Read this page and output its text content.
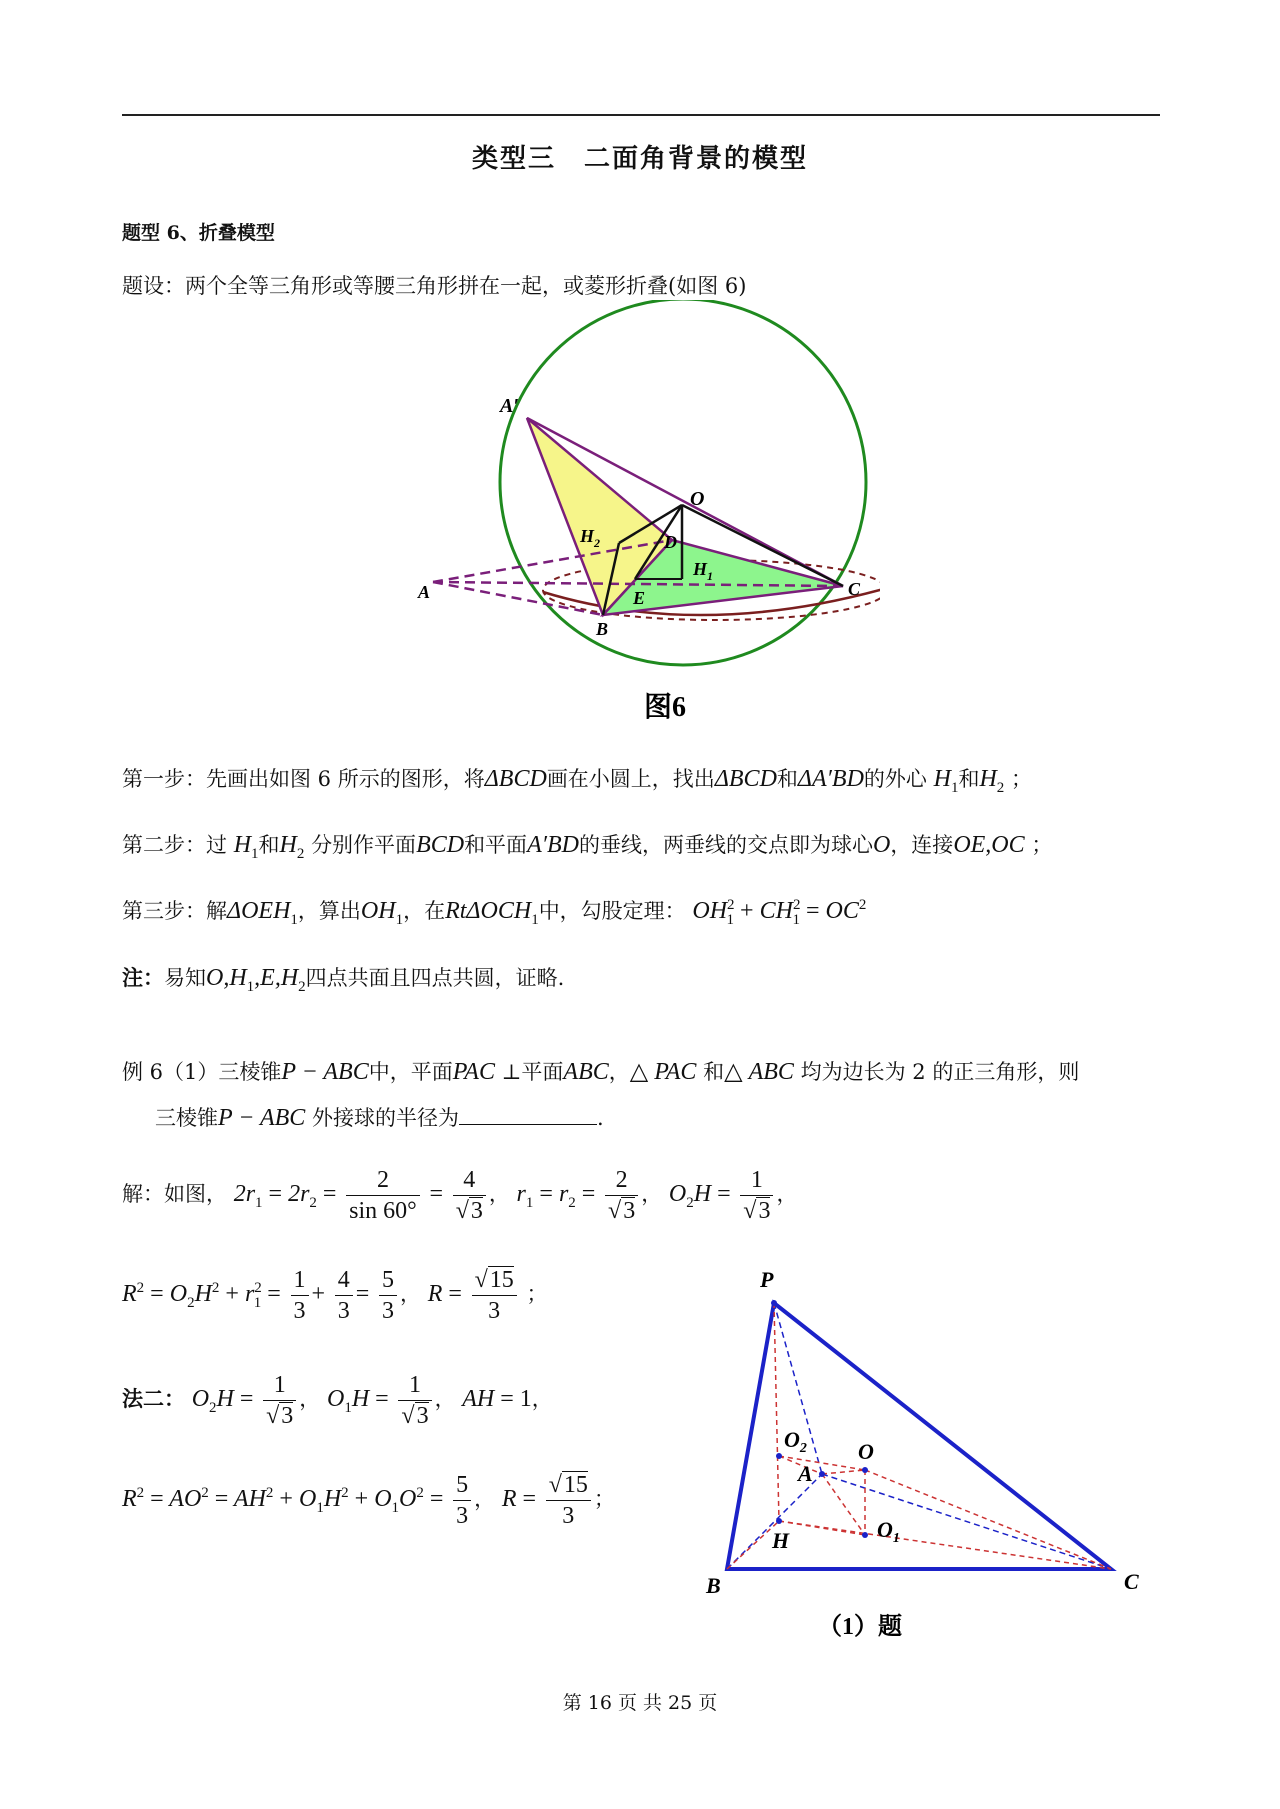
类型三　二面角背景的模型
题型 6、折叠模型
题设：两个全等三角形或等腰三角形拼在一起，或菱形折叠(如图 6)
A′
O
$H_2$	D
$H_1$
A	E	C
B
图6
第一步：先画出如图 6 所示的图形，将ΔBCD画在小圆上，找出ΔBCD和ΔA′BD的外心 $H_1$和$H_2$ ；
第二步：过 $H_1$和$H_2$ 分别作平面BCD和平面A′BD的垂线，两垂线的交点即为球心O，连接OE,OC ；
第三步：解$\Delta OEH_1$，算出$OH_1$，在RtΔOCH$_1$中，勾股定理： $OH^2_1 + CH^2_1 = OC^2$
注：易知$O,H_1,E,H_2$四点共面且四点共圆，证略.
例 6（1）三棱锥P − ABC中，平面PAC ⊥平面ABC，△ PAC 和△ ABC 均为边长为 2 的正三角形，则
三棱锥P − ABC 外接球的半径为	.
解：如图， $2r_1 = 2r_2 = \frac{2}{\sin 60^\circ} = \frac{4}{√3}$ ， $r_1 = r_2 = \frac{2}{√3}$ ， $O_2H = \frac{1}{√3}$ ，
$R^2 = O_2H^2 + r^2_1 = \frac{1}{3} + \frac{4}{3} = \frac{5}{3}$ ， $R = \frac{√15}{3}$ ；
法二： $O_2H = \frac{1}{√3}$ ， $O_1H = \frac{1}{√3}$ ， AH = 1，
$R^2 = AO^2 = AH^2 + O_1H^2 + O_1O^2 = \frac{5}{3}$ ， $R = \frac{√15}{3}$ ；
P
$O_2$ O
A
$O_1$
H
B	C
（1）题
第 16 页 共 25 页
